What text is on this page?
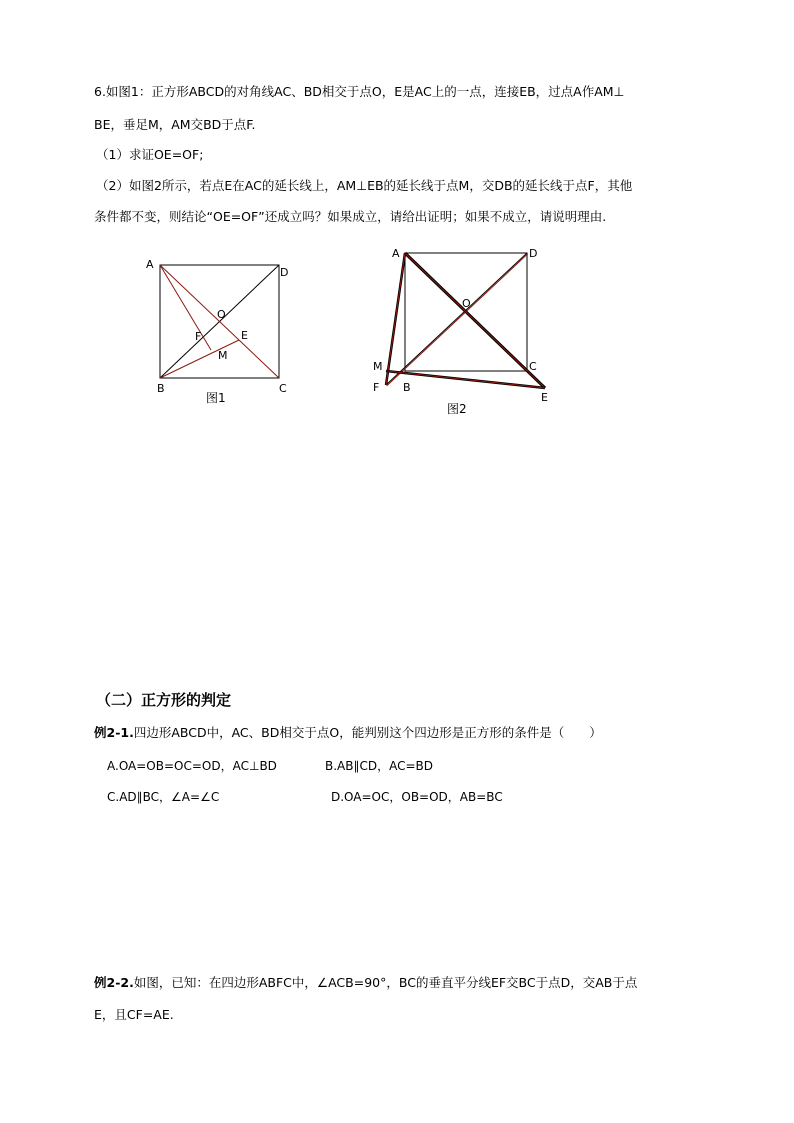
6.如图1：正方形ABCD的对角线AC、BD相交于点O，E是AC上的一点，连接EB，过点A作AM⊥
BE，垂足M，AM交BD于点F.
（1）求证OE=OF;
（2）如图2所示，若点E在AC的延长线上，AM⊥EB的延长线于点M，交DB的延长线于点F，其他
条件都不变，则结论“OE=OF”还成立吗？如果成立，请给出证明；如果不成立，请说明理由.
A
B	C
D
O
E
F
M
图1
A
B
C
D
O
E
F
M
图2
（二）正方形的判定
例2-1.四边形ABCD中，AC、BD相交于点O，能判别这个四边形是正方形的条件是（　　）
A.OA=OB=OC=OD，AC⊥BD	B.AB∥CD，AC=BD
C.AD∥BC，∠A=∠C	D.OA=OC，OB=OD，AB=BC
例2-2.如图，已知：在四边形ABFC中，∠ACB=90°，BC的垂直平分线EF交BC于点D，交AB于点
E，且CF=AE.
